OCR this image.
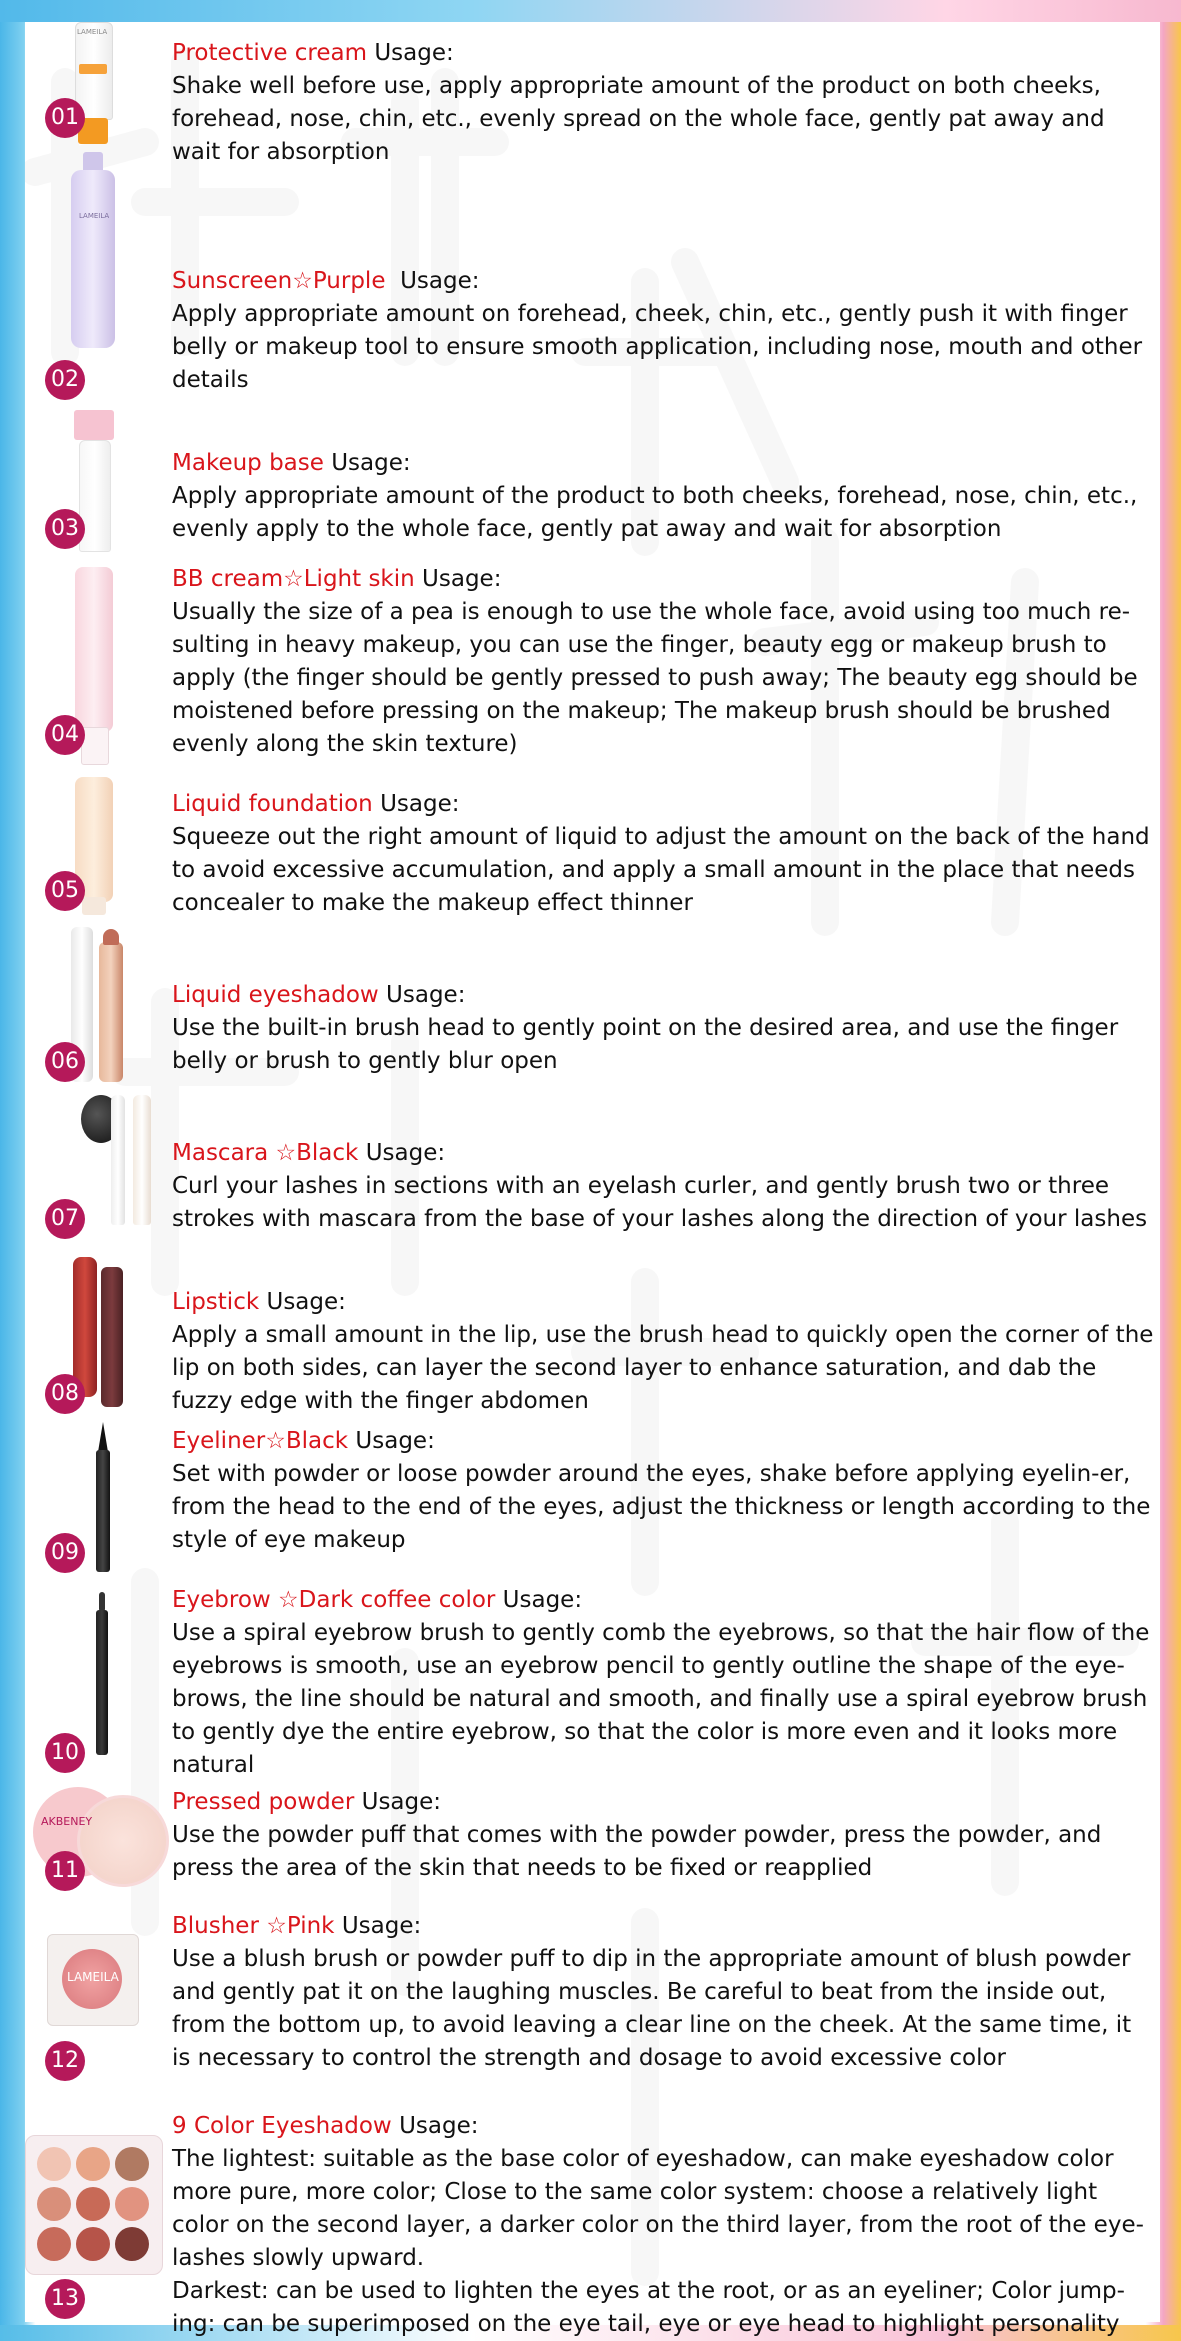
LAMEILA
01

Protective cream Usage:

Shake well before use, apply appropriate amount of the product on both cheeks, forehead, nose, chin, etc., evenly spread on the whole face, gently pat away and wait for absorption

LAMEILA
02

Sunscreen☆Purple Usage:

Apply appropriate amount on forehead, cheek, chin, etc., gently push it with finger belly or makeup tool to ensure smooth application, including nose, mouth and other details

03

Makeup base Usage:

Apply appropriate amount of the product to both cheeks, forehead, nose, chin, etc., evenly apply to the whole face, gently pat away and wait for absorption

04

BB cream☆Light skin Usage:

Usually the size of a pea is enough to use the whole face, avoid using too much re-sulting in heavy makeup, you can use the finger, beauty egg or makeup brush to apply (the finger should be gently pressed to push away; The beauty egg should be moistened before pressing on the makeup; The makeup brush should be brushed evenly along the skin texture)

05

Liquid foundation Usage:

Squeeze out the right amount of liquid to adjust the amount on the back of the hand to avoid excessive accumulation, and apply a small amount in the place that needs concealer to make the makeup effect thinner

06

Liquid eyeshadow Usage:

Use the built-in brush head to gently point on the desired area, and use the finger belly or brush to gently blur open

07

Mascara ☆Black Usage:

Curl your lashes in sections with an eyelash curler, and gently brush two or three strokes with mascara from the base of your lashes along the direction of your lashes

08

Lipstick Usage:

Apply a small amount in the lip, use the brush head to quickly open the corner of the lip on both sides, can layer the second layer to enhance saturation, and dab the fuzzy edge with the finger abdomen

09

Eyeliner☆Black Usage:

Set with powder or loose powder around the eyes, shake before applying eyelin-er, from the head to the end of the eyes, adjust the thickness or length according to the style of eye makeup

10

Eyebrow ☆Dark coffee color Usage:

Use a spiral eyebrow brush to gently comb the eyebrows, so that the hair flow of the eyebrows is smooth, use an eyebrow pencil to gently outline the shape of the eye-brows, the line should be natural and smooth, and finally use a spiral eyebrow brush to gently dye the entire eyebrow, so that the color is more even and it looks more natural

AKBENEY
11

Pressed powder Usage:

Use the powder puff that comes with the powder powder, press the powder, and press the area of the skin that needs to be fixed or reapplied

LAMEILA
12

Blusher ☆Pink Usage:

Use a blush brush or powder puff to dip in the appropriate amount of blush powder and gently pat it on the laughing muscles. Be careful to beat from the inside out, from the bottom up, to avoid leaving a clear line on the cheek. At the same time, it is necessary to control the strength and dosage to avoid excessive color

13

9 Color Eyeshadow Usage:

The lightest: suitable as the base color of eyeshadow, can make eyeshadow color more pure, more color; Close to the same color system: choose a relatively light color on the second layer, a darker color on the third layer, from the root of the eye-lashes slowly upward.

Darkest: can be used to lighten the eyes at the root, or as an eyeliner; Color jump-ing: can be superimposed on the eye tail, eye or eye head to highlight personality
